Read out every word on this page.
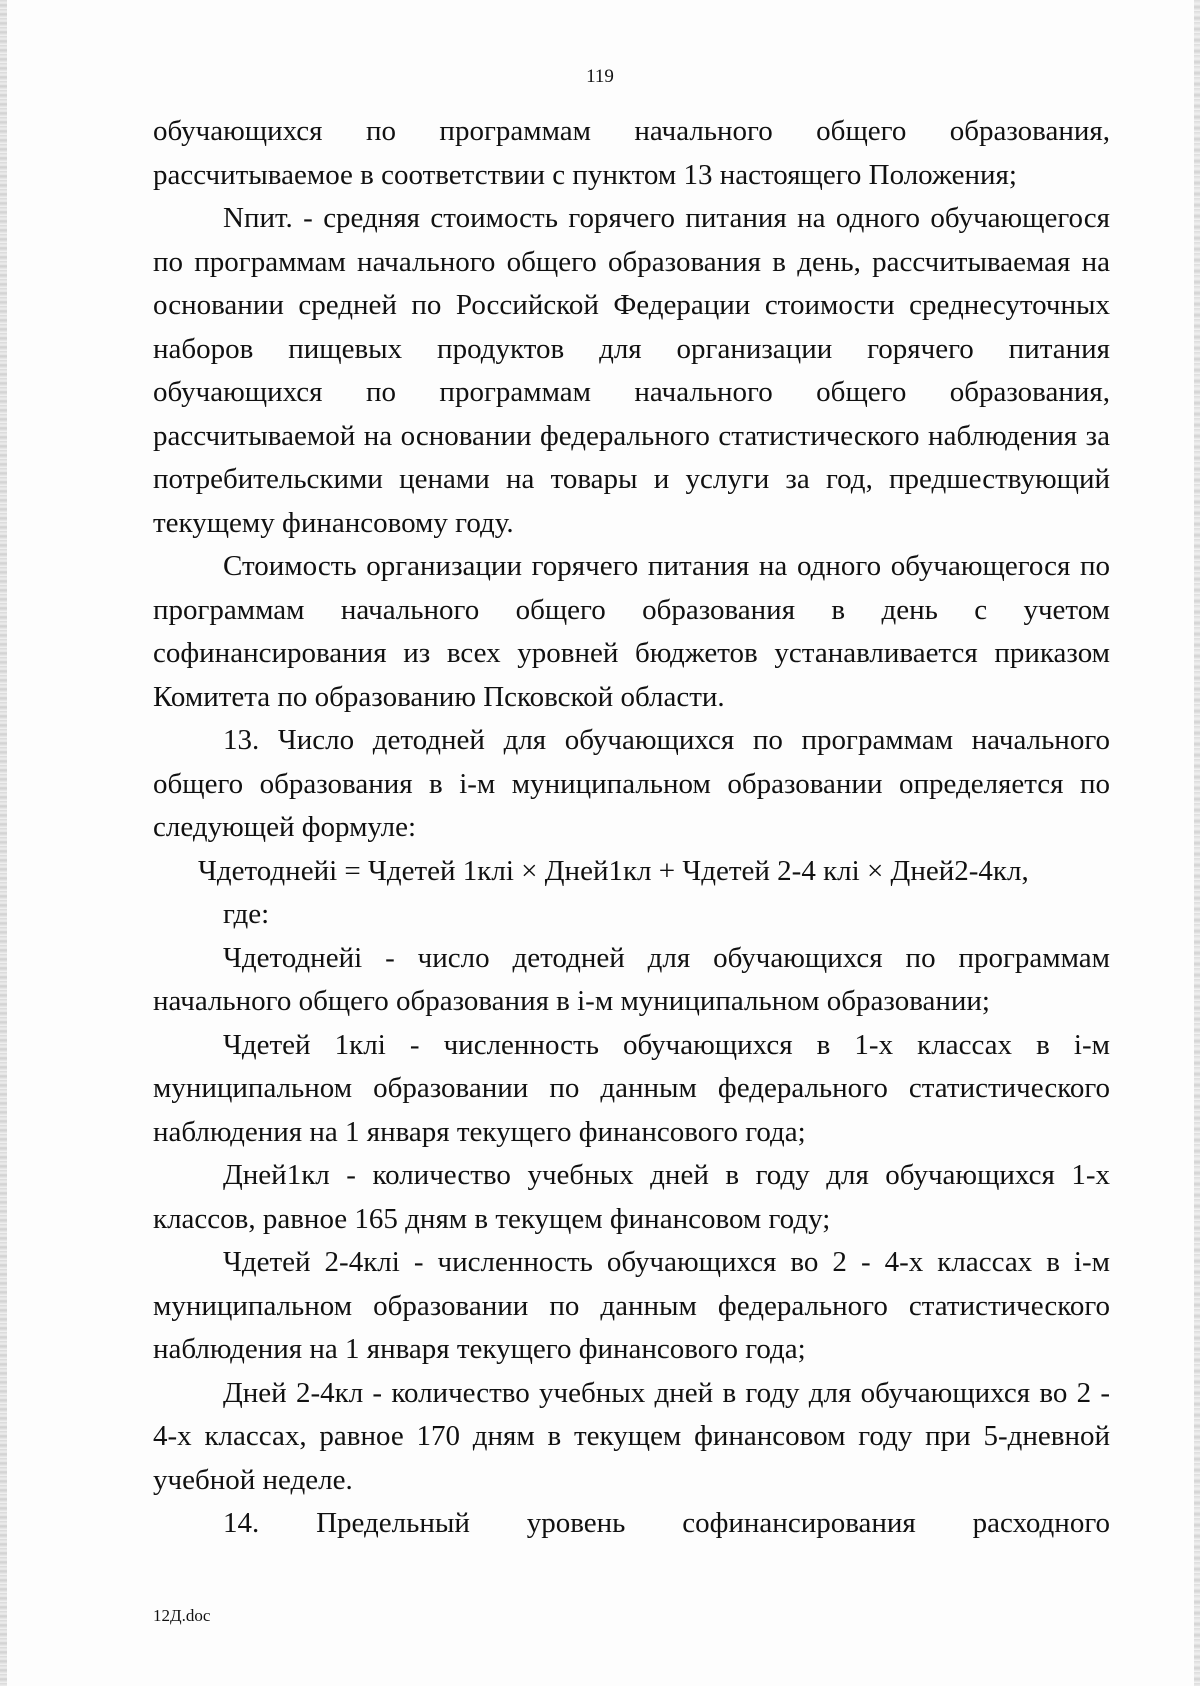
119

обучающихся по программам начального общего образования, рассчитываемое в соответствии с пунктом 13 настоящего Положения;

Nпит. - средняя стоимость горячего питания на одного обучающегося по программам начального общего образования в день, рассчитываемая на основании средней по Российской Федерации стоимости среднесуточных наборов пищевых продуктов для организации горячего питания обучающихся по программам начального общего образования, рассчитываемой на основании федерального статистического наблюдения за потребительскими ценами на товары и услуги за год, предшествующий текущему финансовому году.

Стоимость организации горячего питания на одного обучающегося по программам начального общего образования в день с учетом софинансирования из всех уровней бюджетов устанавливается приказом Комитета по образованию Псковской области.

13. Число детодней для обучающихся по программам начального общего образования в i-м муниципальном образовании определяется по следующей формуле:

Чдетоднейi = Чдетей 1клi × Дней1кл + Чдетей 2-4 клi × Дней2-4кл,

где:

Чдетоднейi - число детодней для обучающихся по программам начального общего образования в i-м муниципальном образовании;

Чдетей 1клi - численность обучающихся в 1-х классах в i-м муниципальном образовании по данным федерального статистического наблюдения на 1 января текущего финансового года;

Дней1кл - количество учебных дней в году для обучающихся 1-х классов, равное 165 дням в текущем финансовом году;

Чдетей 2-4клi - численность обучающихся во 2 - 4-х классах в i-м муниципальном образовании по данным федерального статистического наблюдения на 1 января текущего финансового года;

Дней 2-4кл - количество учебных дней в году для обучающихся во 2 - 4-х классах, равное 170 дням в текущем финансовом году при 5-дневной учебной неделе.

14. Предельный уровень софинансирования расходного

12Д.doc
